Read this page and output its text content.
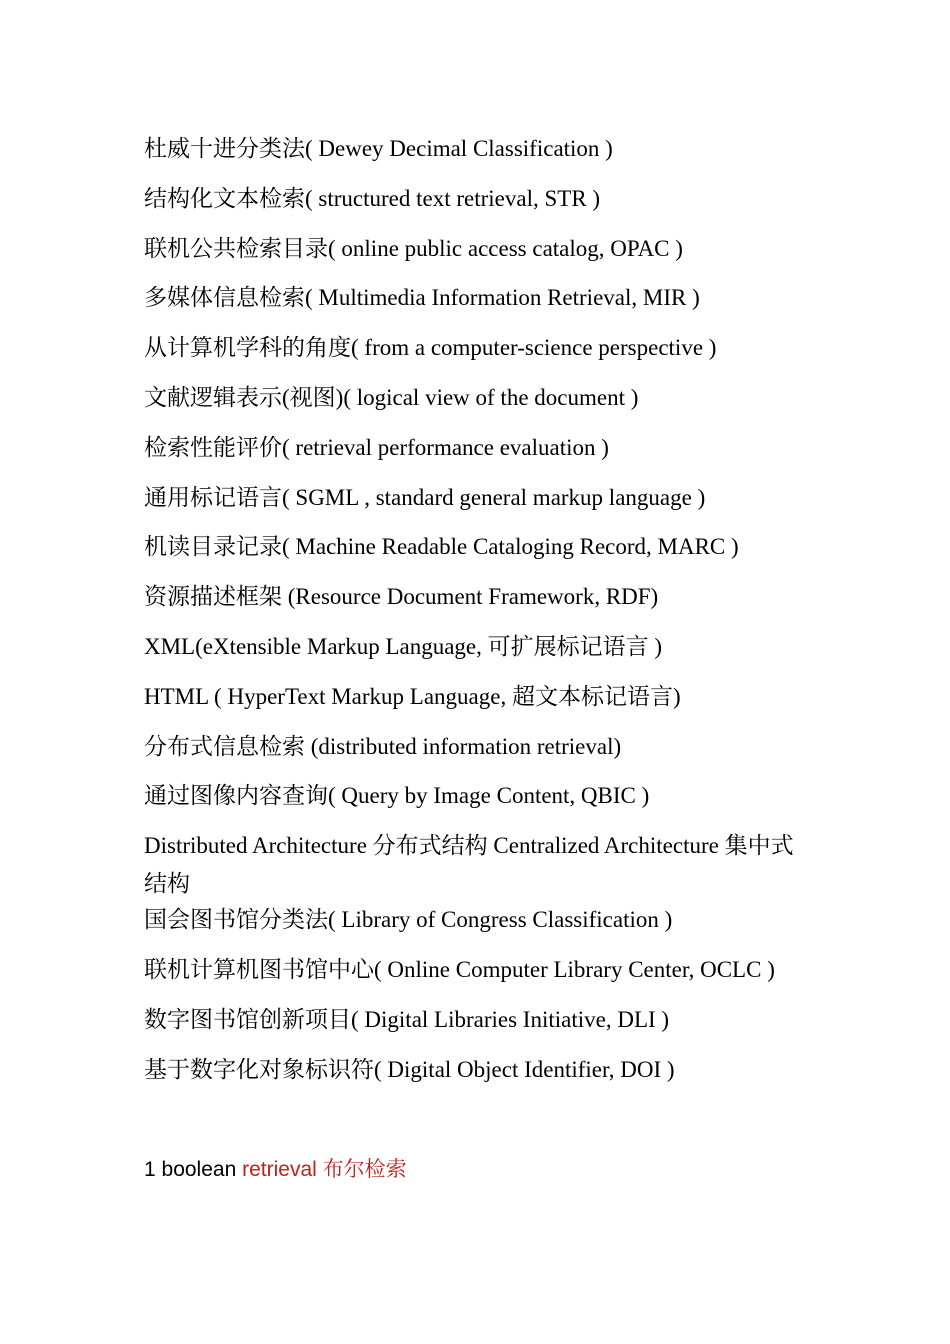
杜威十进分类法( Dewey Decimal Classification )
结构化文本检索( structured text retrieval, STR )
联机公共检索目录( online public access catalog, OPAC )
多媒体信息检索( Multimedia Information Retrieval, MIR )
从计算机学科的角度( from a computer-science perspective )
文献逻辑表示(视图)( logical view of the document )
检索性能评价( retrieval performance evaluation )
通用标记语言( SGML , standard general markup language )
机读目录记录( Machine Readable Cataloging Record, MARC )
资源描述框架 (Resource Document Framework, RDF)
XML(eXtensible Markup Language, 可扩展标记语言 )
HTML ( HyperText Markup Language, 超文本标记语言)
分布式信息检索 (distributed information retrieval)
通过图像内容查询( Query by Image Content, QBIC )
Distributed Architecture 分布式结构 Centralized Architecture 集中式结构
国会图书馆分类法( Library of Congress Classification )
联机计算机图书馆中心( Online Computer Library Center, OCLC )
数字图书馆创新项目( Digital Libraries Initiative, DLI )
基于数字化对象标识符( Digital Object Identifier, DOI )
1 boolean retrieval 布尔检索
